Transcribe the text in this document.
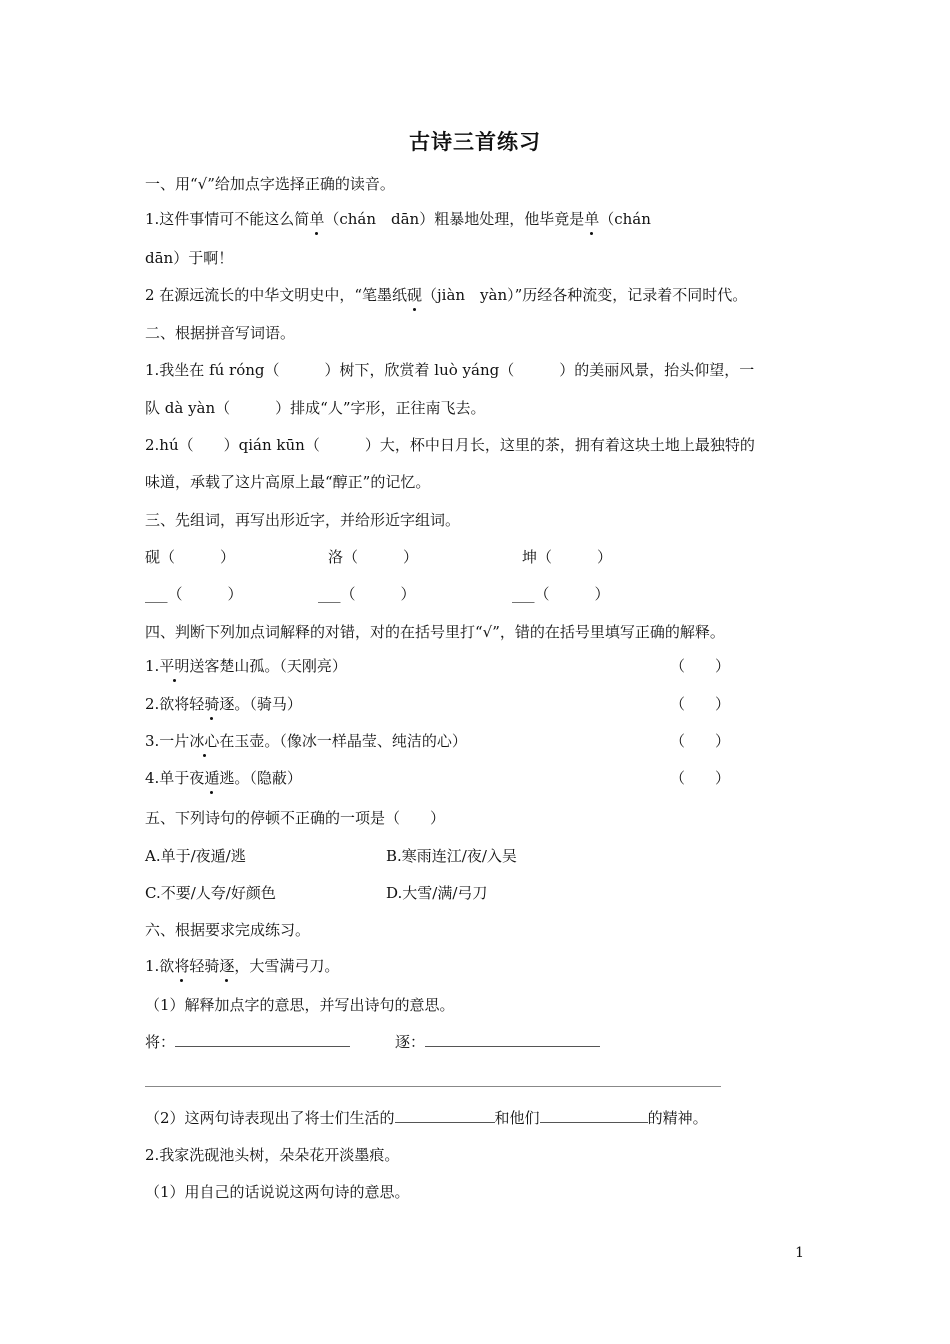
古诗三首练习
一、用“√”给加点字选择正确的读音。
1.这件事情可不能这么简单（chán　dān）粗暴地处理，他毕竟是单（chán
dān）于啊！
2 在源远流长的中华文明史中，“笔墨纸砚（jiàn　yàn）”历经各种流变，记录着不同时代。
二、根据拼音写词语。
1.我坐在 fú róng（　　　）树下，欣赏着 luò yáng（　　　）的美丽风景，抬头仰望，一
队 dà yàn（　　　）排成“人”字形，正往南飞去。
2.hú（　　）qián kūn（　　　）大，杯中日月长，这里的茶，拥有着这块土地上最独特的
味道，承载了这片高原上最“醇正”的记忆。
三、先组词，再写出形近字，并给形近字组词。
砚（　　　）	洛（　　　）	坤（　　　）
___（　　　）	___（　　　）	___（　　　）
四、判断下列加点词解释的对错，对的在括号里打“√”，错的在括号里填写正确的解释。
1.平明送客楚山孤。（天刚亮）	（　　）
2.欲将轻骑逐。（骑马）	（　　）
3.一片冰心在玉壶。（像冰一样晶莹、纯洁的心）	（　　）
4.单于夜遁逃。（隐蔽）	（　　）
五、下列诗句的停顿不正确的一项是（　　）
A.单于/夜遁/逃	B.寒雨连江/夜/入吴
C.不要/人夸/好颜色	D.大雪/满/弓刀
六、根据要求完成练习。
1.欲将轻骑逐，大雪满弓刀。
（1）解释加点字的意思，并写出诗句的意思。
将：	逐：
（2）这两句诗表现出了将士们生活的	和他们	的精神。
2.我家洗砚池头树，朵朵花开淡墨痕。
（1）用自己的话说说这两句诗的意思。
1
